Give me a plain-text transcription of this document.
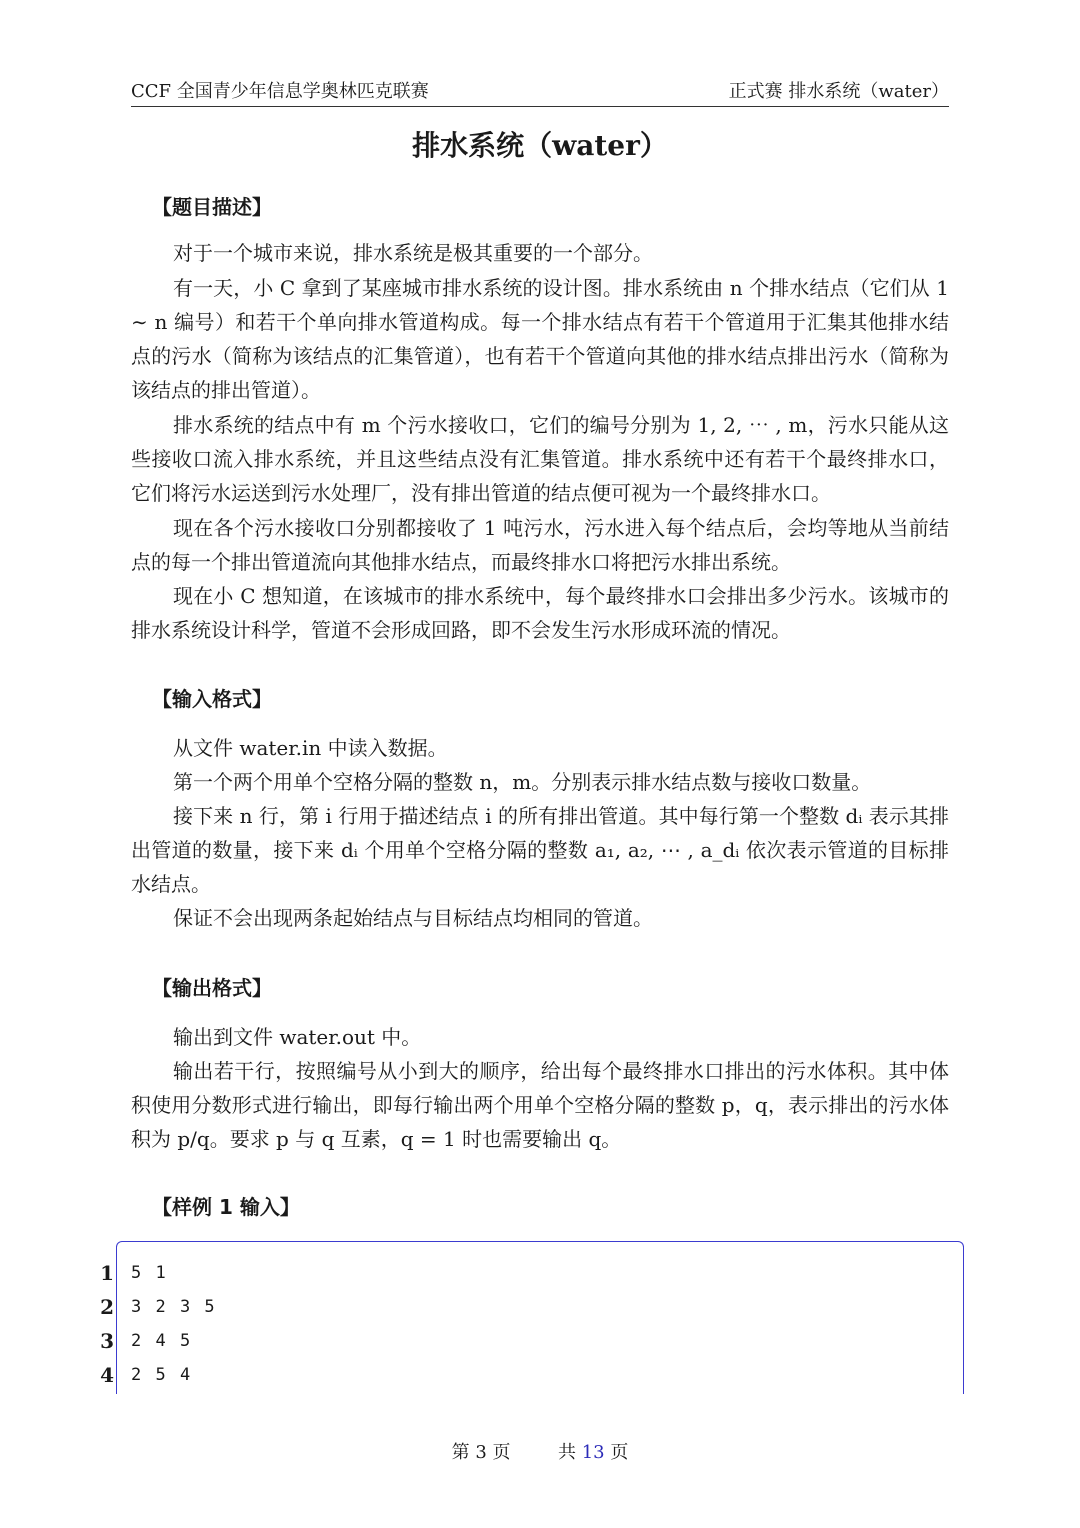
CCF 全国青少年信息学奥林匹克联赛	正式赛 排水系统（water）
排水系统（water）
【题目描述】

对于一个城市来说，排水系统是极其重要的一个部分。

有一天，小 C 拿到了某座城市排水系统的设计图。排水系统由 n 个排水结点（它们从 1 ∼ n 编号）和若干个单向排水管道构成。每一个排水结点有若干个管道用于汇集其他排水结点的污水（简称为该结点的汇集管道），也有若干个管道向其他的排水结点排出污水（简称为该结点的排出管道）。

排水系统的结点中有 m 个污水接收口，它们的编号分别为 1, 2, ⋯ , m，污水只能从这些接收口流入排水系统，并且这些结点没有汇集管道。排水系统中还有若干个最终排水口，它们将污水运送到污水处理厂，没有排出管道的结点便可视为一个最终排水口。

现在各个污水接收口分别都接收了 1 吨污水，污水进入每个结点后，会均等地从当前结点的每一个排出管道流向其他排水结点，而最终排水口将把污水排出系统。

现在小 C 想知道，在该城市的排水系统中，每个最终排水口会排出多少污水。该城市的排水系统设计科学，管道不会形成回路，即不会发生污水形成环流的情况。

【输入格式】

从文件 water.in 中读入数据。

第一个两个用单个空格分隔的整数 n，m。分别表示排水结点数与接收口数量。

接下来 n 行，第 i 行用于描述结点 i 的所有排出管道。其中每行第一个整数 dᵢ 表示其排出管道的数量，接下来 dᵢ 个用单个空格分隔的整数 a₁, a₂, ⋯ , a_dᵢ 依次表示管道的目标排水结点。

保证不会出现两条起始结点与目标结点均相同的管道。

【输出格式】

输出到文件 water.out 中。

输出若干行，按照编号从小到大的顺序，给出每个最终排水口排出的污水体积。其中体积使用分数形式进行输出，即每行输出两个用单个空格分隔的整数 p，q，表示排出的污水体积为 p/q。要求 p 与 q 互素，q = 1 时也需要输出 q。

【样例 1 输入】
1 5 1
2 3 2 3 5
3 2 4 5
4 2 5 4
第 3 页	共 13 页
